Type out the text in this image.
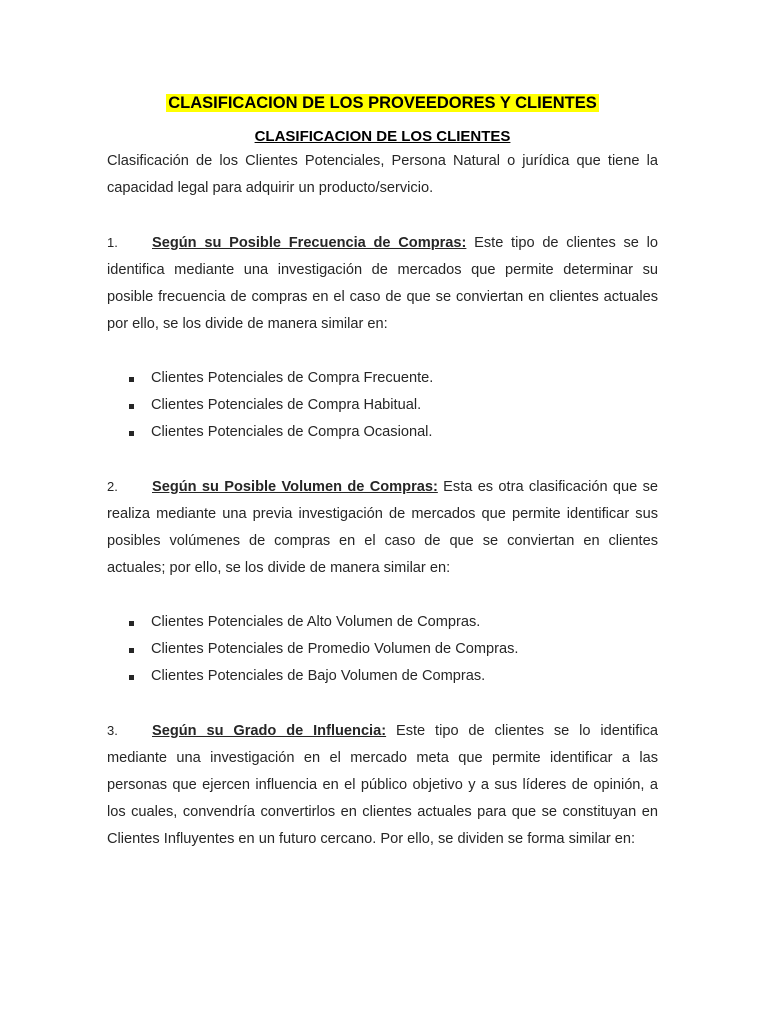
CLASIFICACION DE LOS PROVEEDORES Y CLIENTES

CLASIFICACION DE LOS CLIENTES

Clasificación de los Clientes Potenciales, Persona Natural o jurídica que tiene la capacidad legal para adquirir un producto/servicio.

1. Según su Posible Frecuencia de Compras: Este tipo de clientes se lo identifica mediante una investigación de mercados que permite determinar su posible frecuencia de compras en el caso de que se conviertan en clientes actuales por ello, se los divide de manera similar en:

Clientes Potenciales de Compra Frecuente.
Clientes Potenciales de Compra Habitual.
Clientes Potenciales de Compra Ocasional.

2. Según su Posible Volumen de Compras: Esta es otra clasificación que se realiza mediante una previa investigación de mercados que permite identificar sus posibles volúmenes de compras en el caso de que se conviertan en clientes actuales; por ello, se los divide de manera similar en:

Clientes Potenciales de Alto Volumen de Compras.
Clientes Potenciales de Promedio Volumen de Compras.
Clientes Potenciales de Bajo Volumen de Compras.

3. Según su Grado de Influencia: Este tipo de clientes se lo identifica mediante una investigación en el mercado meta que permite identificar a las personas que ejercen influencia en el público objetivo y a sus líderes de opinión, a los cuales, convendría convertirlos en clientes actuales para que se constituyan en Clientes Influyentes en un futuro cercano. Por ello, se dividen se forma similar en:
